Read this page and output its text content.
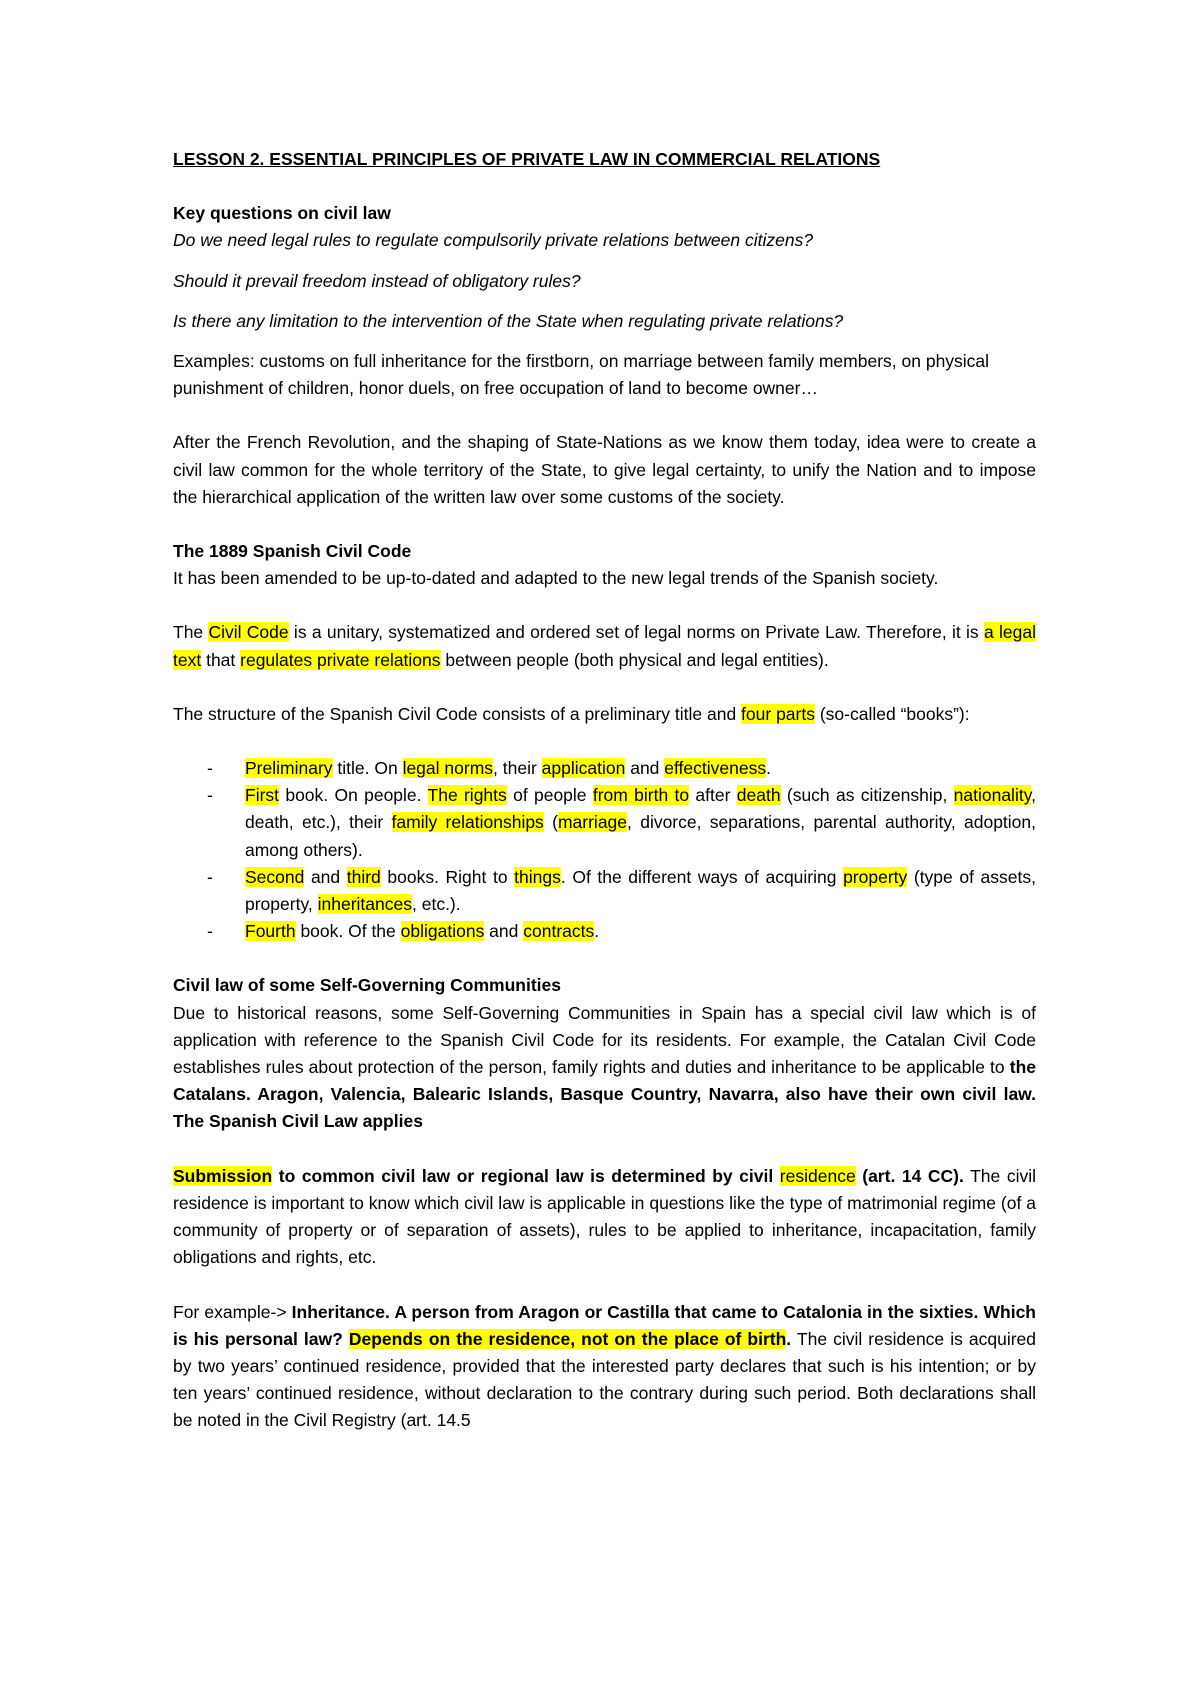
LESSON 2. ESSENTIAL PRINCIPLES OF PRIVATE LAW IN COMMERCIAL RELATIONS

Key questions on civil law

Do we need legal rules to regulate compulsorily private relations between citizens?

Should it prevail freedom instead of obligatory rules?

Is there any limitation to the intervention of the State when regulating private relations?

Examples: customs on full inheritance for the firstborn, on marriage between family members, on physical punishment of children, honor duels, on free occupation of land to become owner…

After the French Revolution, and the shaping of State-Nations as we know them today, idea were to create a civil law common for the whole territory of the State, to give legal certainty, to unify the Nation and to impose the hierarchical application of the written law over some customs of the society.

The 1889 Spanish Civil Code

It has been amended to be up-to-dated and adapted to the new legal trends of the Spanish society.

The Civil Code is a unitary, systematized and ordered set of legal norms on Private Law. Therefore, it is a legal text that regulates private relations between people (both physical and legal entities).

The structure of the Spanish Civil Code consists of a preliminary title and four parts (so-called “books”):

- Preliminary title. On legal norms, their application and effectiveness.
- First book. On people. The rights of people from birth to after death (such as citizenship, nationality, death, etc.), their family relationships (marriage, divorce, separations, parental authority, adoption, among others).
- Second and third books. Right to things. Of the different ways of acquiring property (type of assets, property, inheritances, etc.).
- Fourth book. Of the obligations and contracts.

Civil law of some Self-Governing Communities

Due to historical reasons, some Self-Governing Communities in Spain has a special civil law which is of application with reference to the Spanish Civil Code for its residents. For example, the Catalan Civil Code establishes rules about protection of the person, family rights and duties and inheritance to be applicable to the Catalans. Aragon, Valencia, Balearic Islands, Basque Country, Navarra, also have their own civil law. The Spanish Civil Law applies

Submission to common civil law or regional law is determined by civil residence (art. 14 CC). The civil residence is important to know which civil law is applicable in questions like the type of matrimonial regime (of a community of property or of separation of assets), rules to be applied to inheritance, incapacitation, family obligations and rights, etc.

For example-> Inheritance. A person from Aragon or Castilla that came to Catalonia in the sixties. Which is his personal law? Depends on the residence, not on the place of birth. The civil residence is acquired by two years’ continued residence, provided that the interested party declares that such is his intention; or by ten years’ continued residence, without declaration to the contrary during such period. Both declarations shall be noted in the Civil Registry (art. 14.5
